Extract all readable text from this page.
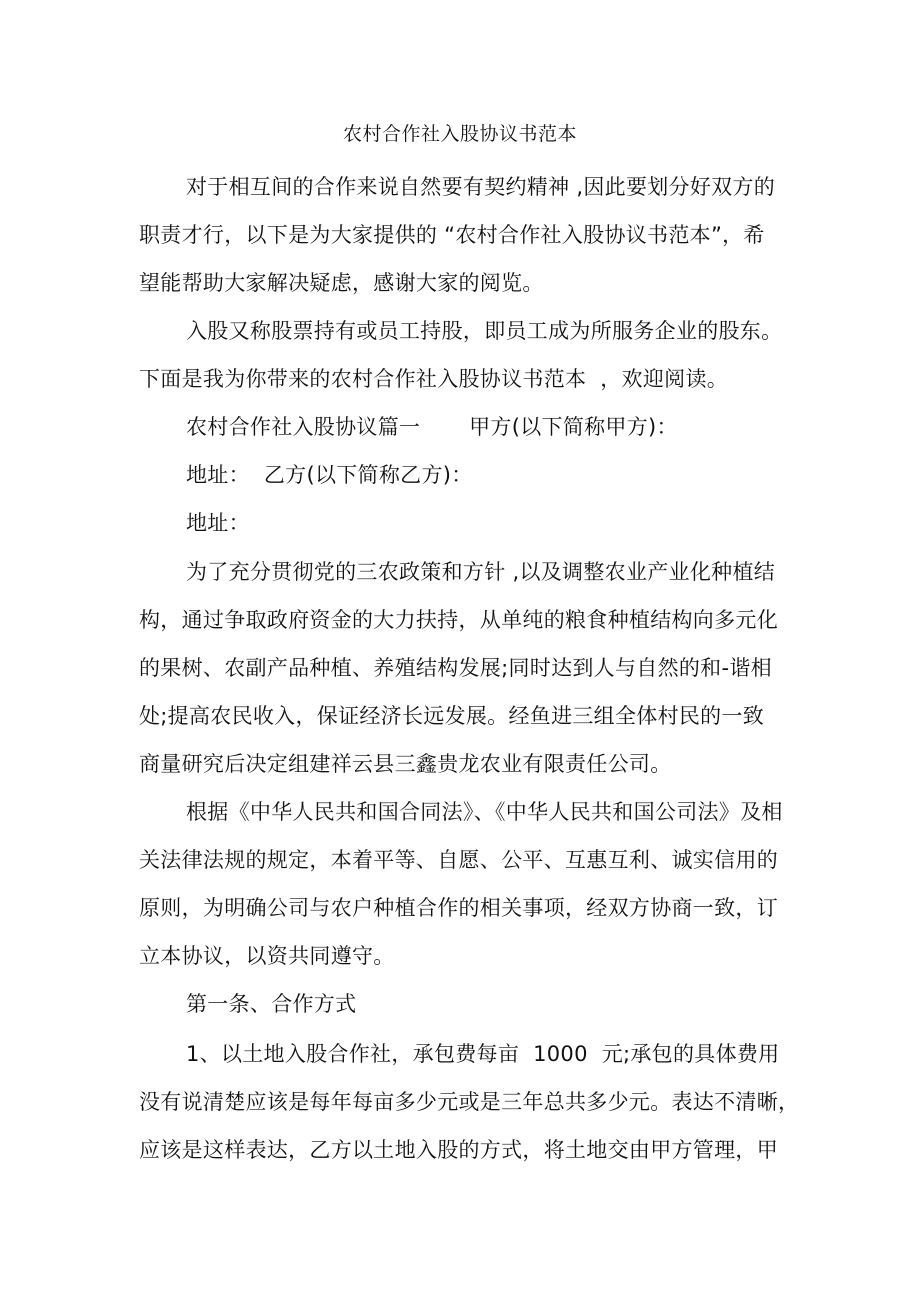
农村合作社入股协议书范本
对于相互间的合作来说自然要有契约精神 ,因此要划分好双方的
职责才行，以下是为大家提供的 “农村合作社入股协议书范本”，希
望能帮助大家解决疑虑，感谢大家的阅览。
入股又称股票持有或员工持股，即员工成为所服务企业的股东。
下面是我为你带来的农村合作社入股协议书范本  ，欢迎阅读。
农村合作社入股协议篇一       甲方(以下简称甲方)：
地址：  乙方(以下简称乙方)：
地址：
为了充分贯彻党的三农政策和方针 ,以及调整农业产业化种植结
构，通过争取政府资金的大力扶持，从单纯的粮食种植结构向多元化
的果树、农副产品种植、养殖结构发展;同时达到人与自然的和-谐相
处;提高农民收入，保证经济长远发展。经鱼进三组全体村民的一致
商量研究后决定组建祥云县三鑫贵龙农业有限责任公司。
根据《中华人民共和国合同法》、《中华人民共和国公司法》及相
关法律法规的规定，本着平等、自愿、公平、互惠互利、诚实信用的
原则，为明确公司与农户种植合作的相关事项，经双方协商一致，订
立本协议，以资共同遵守。
第一条、合作方式
1、以土地入股合作社，承包费每亩  1000  元;承包的具体费用
没有说清楚应该是每年每亩多少元或是三年总共多少元。表达不清晰，
应该是这样表达，乙方以土地入股的方式，将土地交由甲方管理，甲
